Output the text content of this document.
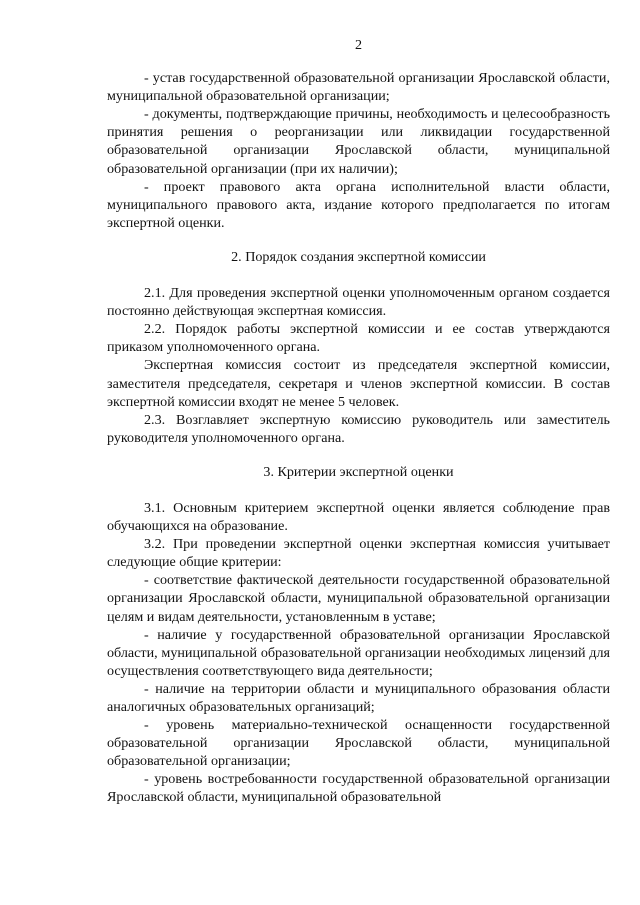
2

- устав государственной образовательной организации Ярославской области, муниципальной образовательной организации;

- документы, подтверждающие причины, необходимость и целесообразность принятия решения о реорганизации или ликвидации государственной образовательной организации Ярославской области, муниципальной образовательной организации (при их наличии);

- проект правового акта органа исполнительной власти области, муниципального правового акта, издание которого предполагается по итогам экспертной оценки.

2. Порядок создания экспертной комиссии

2.1. Для проведения экспертной оценки уполномоченным органом создается постоянно действующая экспертная комиссия.

2.2. Порядок работы экспертной комиссии и ее состав утверждаются приказом уполномоченного органа.

Экспертная комиссия состоит из председателя экспертной комиссии, заместителя председателя, секретаря и членов экспертной комиссии. В состав экспертной комиссии входят не менее 5 человек.

2.3. Возглавляет экспертную комиссию руководитель или заместитель руководителя уполномоченного органа.

3. Критерии экспертной оценки

3.1. Основным критерием экспертной оценки является соблюдение прав обучающихся на образование.

3.2. При проведении экспертной оценки экспертная комиссия учитывает следующие общие критерии:

- соответствие фактической деятельности государственной образовательной организации Ярославской области, муниципальной образовательной организации целям и видам деятельности, установленным в уставе;

- наличие у государственной образовательной организации Ярославской области, муниципальной образовательной организации необходимых лицензий для осуществления соответствующего вида деятельности;

- наличие на территории области и муниципального образования области аналогичных образовательных организаций;

- уровень материально-технической оснащенности государственной образовательной организации Ярославской области, муниципальной образовательной организации;

- уровень востребованности государственной образовательной организации Ярославской области, муниципальной образовательной
